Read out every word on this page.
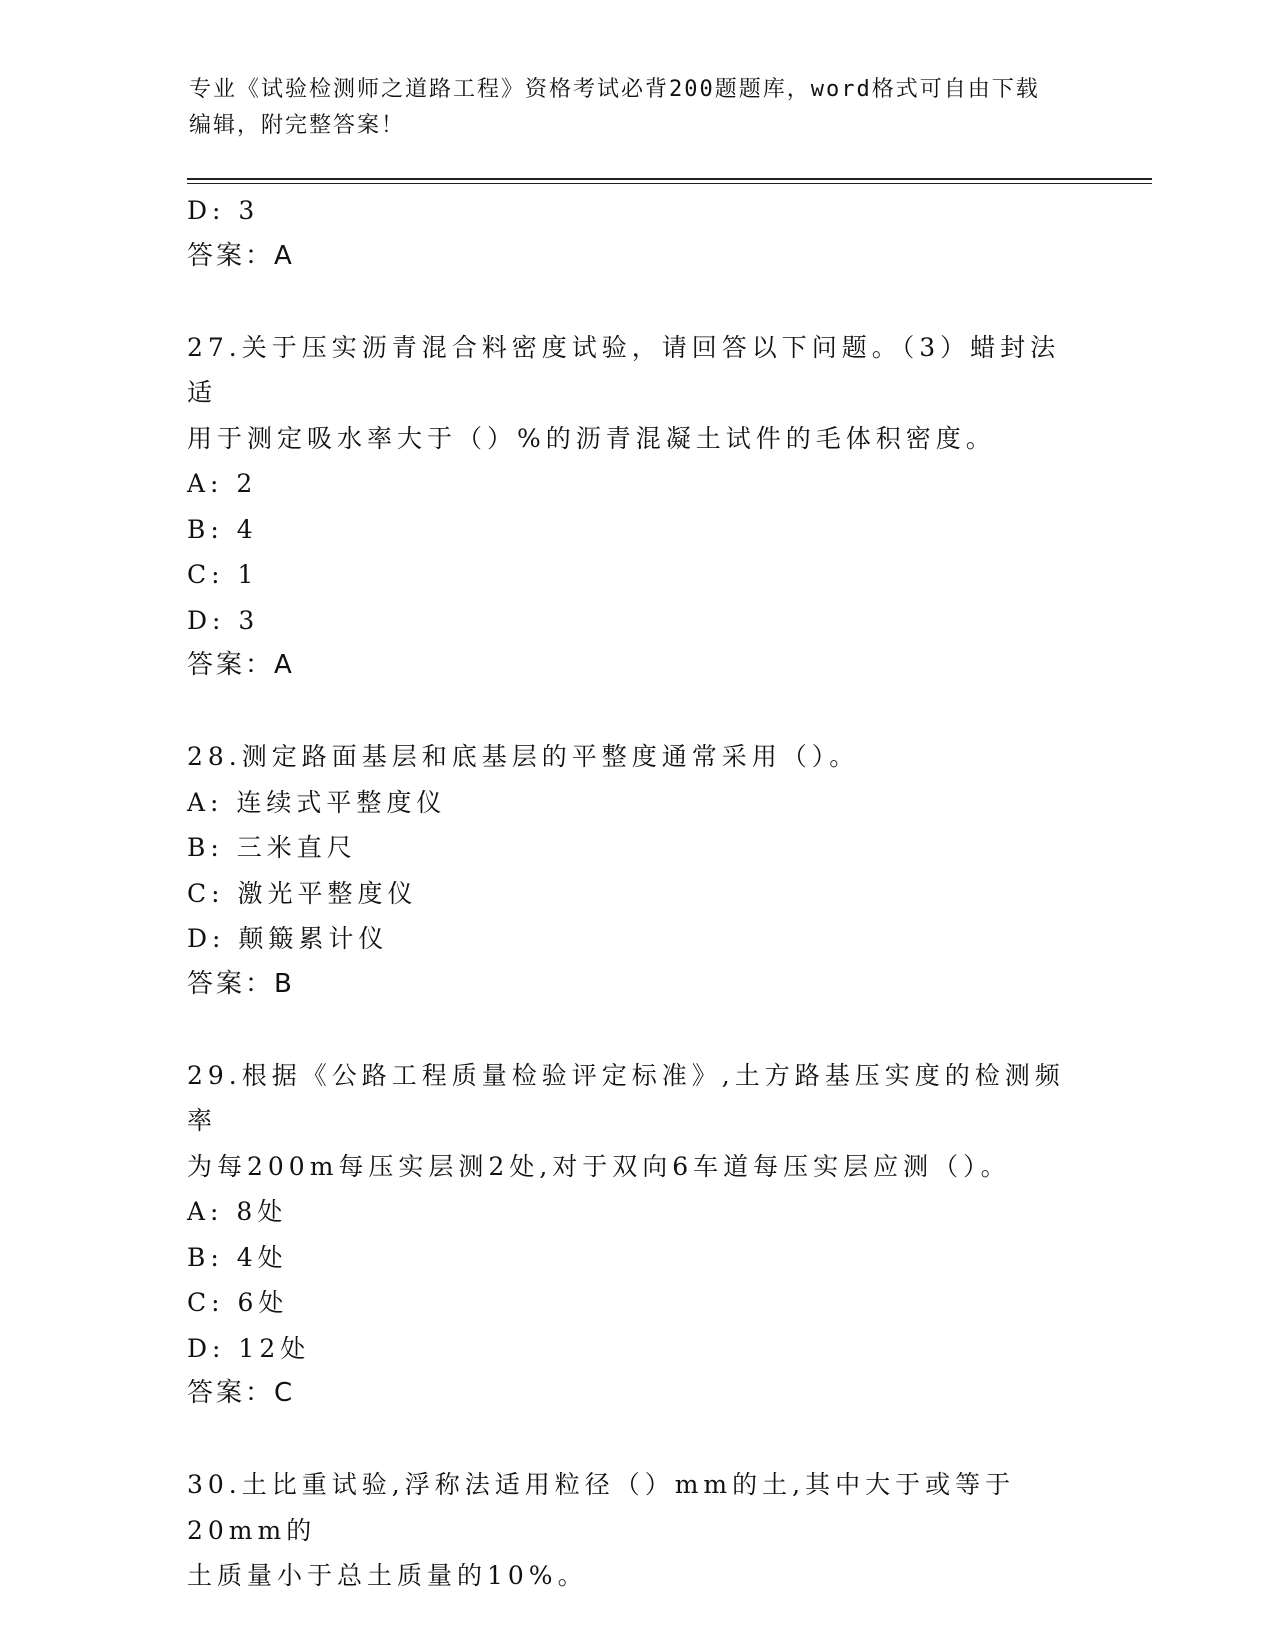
专业《试验检测师之道路工程》资格考试必背200题题库，word格式可自由下载
编辑，附完整答案！
D: 3
答案：A
27.关于压实沥青混合料密度试验，请回答以下问题。（3）蜡封法适
用于测定吸水率大于（）%的沥青混凝土试件的毛体积密度。
A: 2
B: 4
C: 1
D: 3
答案：A
28.测定路面基层和底基层的平整度通常采用（）。
A: 连续式平整度仪
B: 三米直尺
C: 激光平整度仪
D: 颠簸累计仪
答案：B
29.根据《公路工程质量检验评定标准》,土方路基压实度的检测频率
为每200m每压实层测2处,对于双向6车道每压实层应测（）。
A: 8处
B: 4处
C: 6处
D: 12处
答案：C
30.土比重试验,浮称法适用粒径（）mm的土,其中大于或等于20mm的
土质量小于总土质量的10%。
